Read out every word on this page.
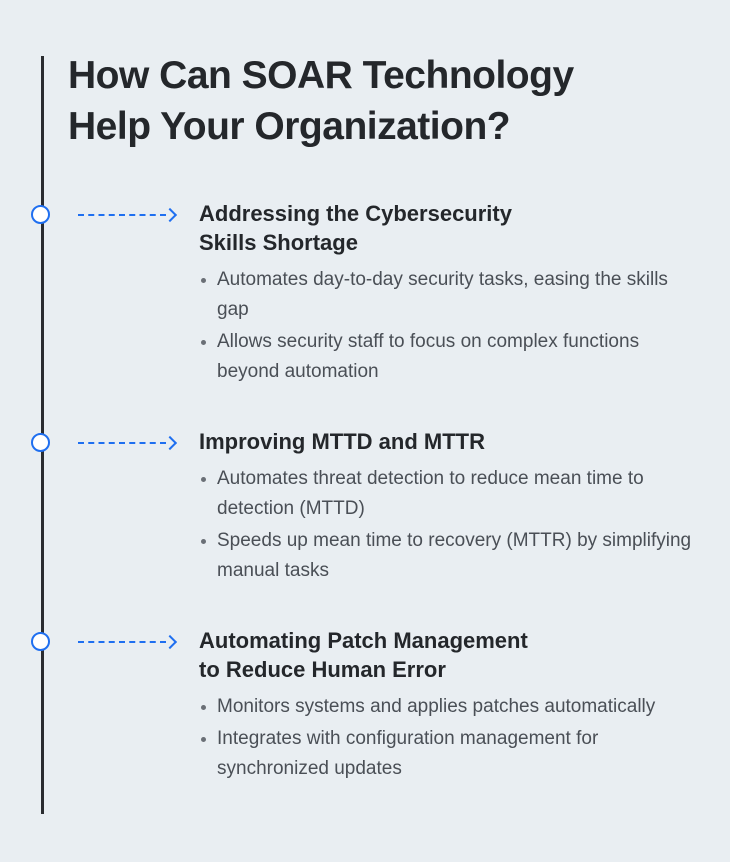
How Can SOAR Technology
Help Your Organization?
Addressing the Cybersecurity
Skills Shortage
Automates day-to-day security tasks, easing the skills gap
Allows security staff to focus on complex functions beyond automation
Improving MTTD and MTTR
Automates threat detection to reduce mean time to detection (MTTD)
Speeds up mean time to recovery (MTTR) by simplifying manual tasks
Automating Patch Management
to Reduce Human Error
Monitors systems and applies patches automatically
Integrates with configuration management for synchronized updates
